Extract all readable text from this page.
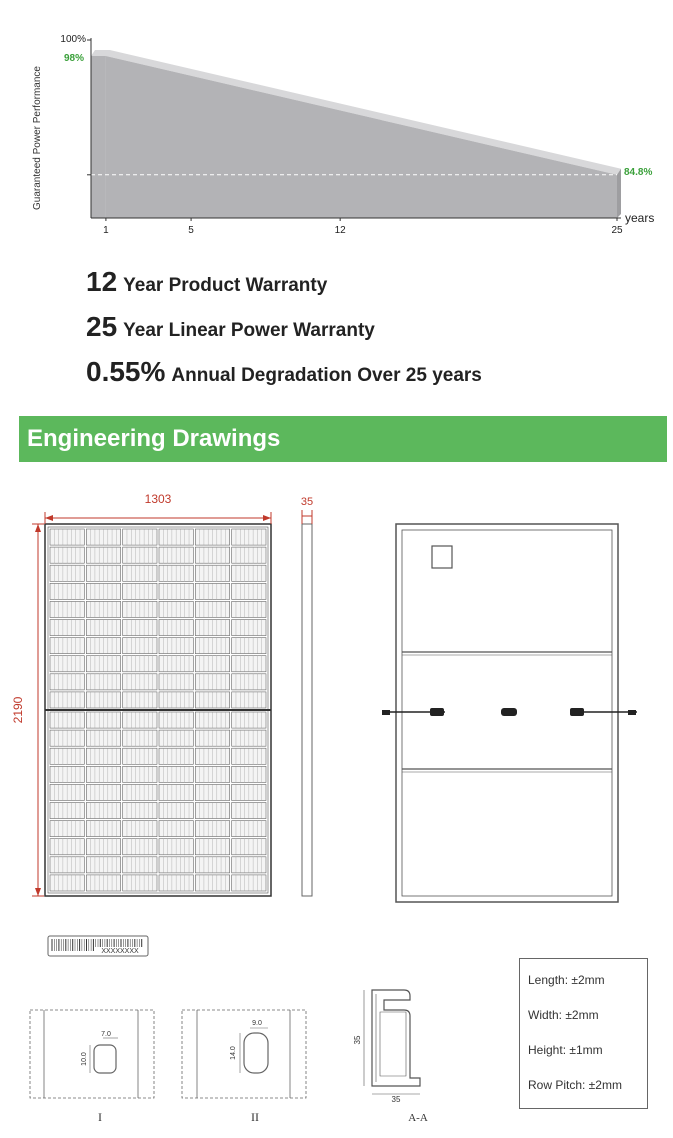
Guaranteed Power Performance
years
1	5	12	25
100%
98%
84.8%
12 Year Product Warranty
25 Year Linear Power Warranty
0.55% Annual Degradation Over 25 years
Engineering Drawings
1303
2190
35
XXXXXXXX
7.0
10.0
I
9.0
14.0
II
35
35
A-A
Length: ±2mm
Width: ±2mm
Height: ±1mm
Row Pitch: ±2mm
